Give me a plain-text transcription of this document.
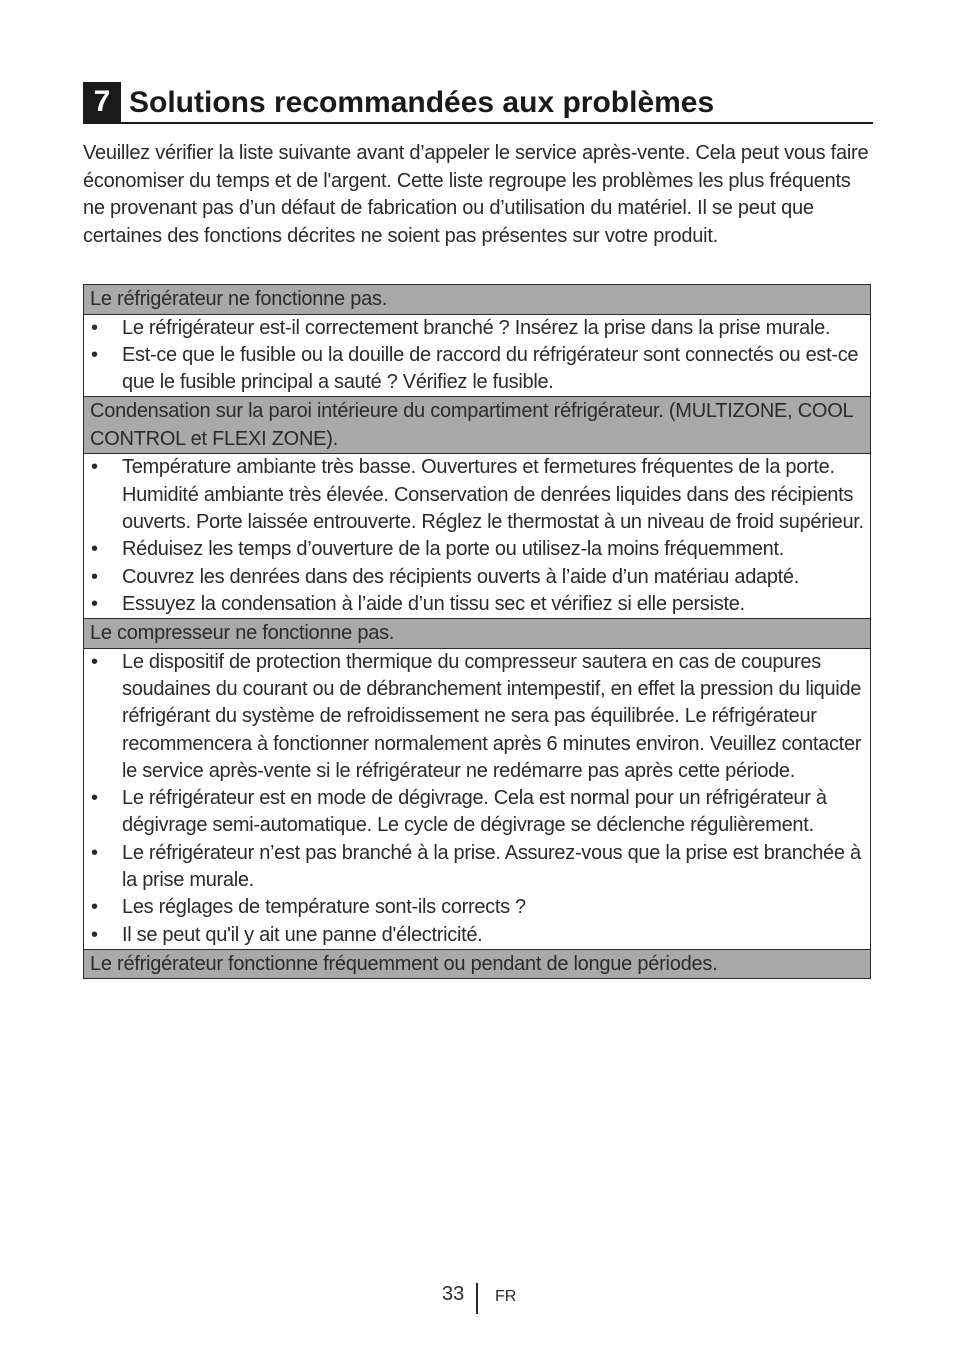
7 Solutions recommandées aux problèmes

Veuillez vérifier la liste suivante avant d’appeler le service après-vente. Cela peut vous faire économiser du temps et de l'argent. Cette liste regroupe les problèmes les plus fréquents ne provenant pas d’un défaut de fabrication ou d’utilisation du matériel. Il se peut que certaines des fonctions décrites ne soient pas présentes sur votre produit.

Le réfrigérateur ne fonctionne pas.
• Le réfrigérateur est-il correctement branché ? Insérez la prise dans la prise murale.
• Est-ce que le fusible ou la douille de raccord du réfrigérateur sont connectés ou est-ce que le fusible principal a sauté ? Vérifiez le fusible.
Condensation sur la paroi intérieure du compartiment réfrigérateur. (MULTIZONE, COOL CONTROL et FLEXI ZONE).
• Température ambiante très basse. Ouvertures et fermetures fréquentes de la porte. Humidité ambiante très élevée. Conservation de denrées liquides dans des récipients ouverts. Porte laissée entrouverte. Réglez le thermostat à un niveau de froid supérieur.
• Réduisez les temps d’ouverture de la porte ou utilisez-la moins fréquemment.
• Couvrez les denrées dans des récipients ouverts à l’aide d’un matériau adapté.
• Essuyez la condensation à l’aide d’un tissu sec et vérifiez si elle persiste.
Le compresseur ne fonctionne pas.
• Le dispositif de protection thermique du compresseur sautera en cas de coupures soudaines du courant ou de débranchement intempestif, en effet la pression du liquide réfrigérant du système de refroidissement ne sera pas équilibrée. Le réfrigérateur recommencera à fonctionner normalement après 6 minutes environ. Veuillez contacter le service après-vente si le réfrigérateur ne redémarre pas après cette période.
• Le réfrigérateur est en mode de dégivrage. Cela est normal pour un réfrigérateur à dégivrage semi-automatique. Le cycle de dégivrage se déclenche régulièrement.
• Le réfrigérateur n’est pas branché à la prise. Assurez-vous que la prise est branchée à la prise murale.
• Les réglages de température sont-ils corrects ?
• Il se peut qu'il y ait une panne d'électricité.
Le réfrigérateur fonctionne fréquemment ou pendant de longue périodes.
33 FR
